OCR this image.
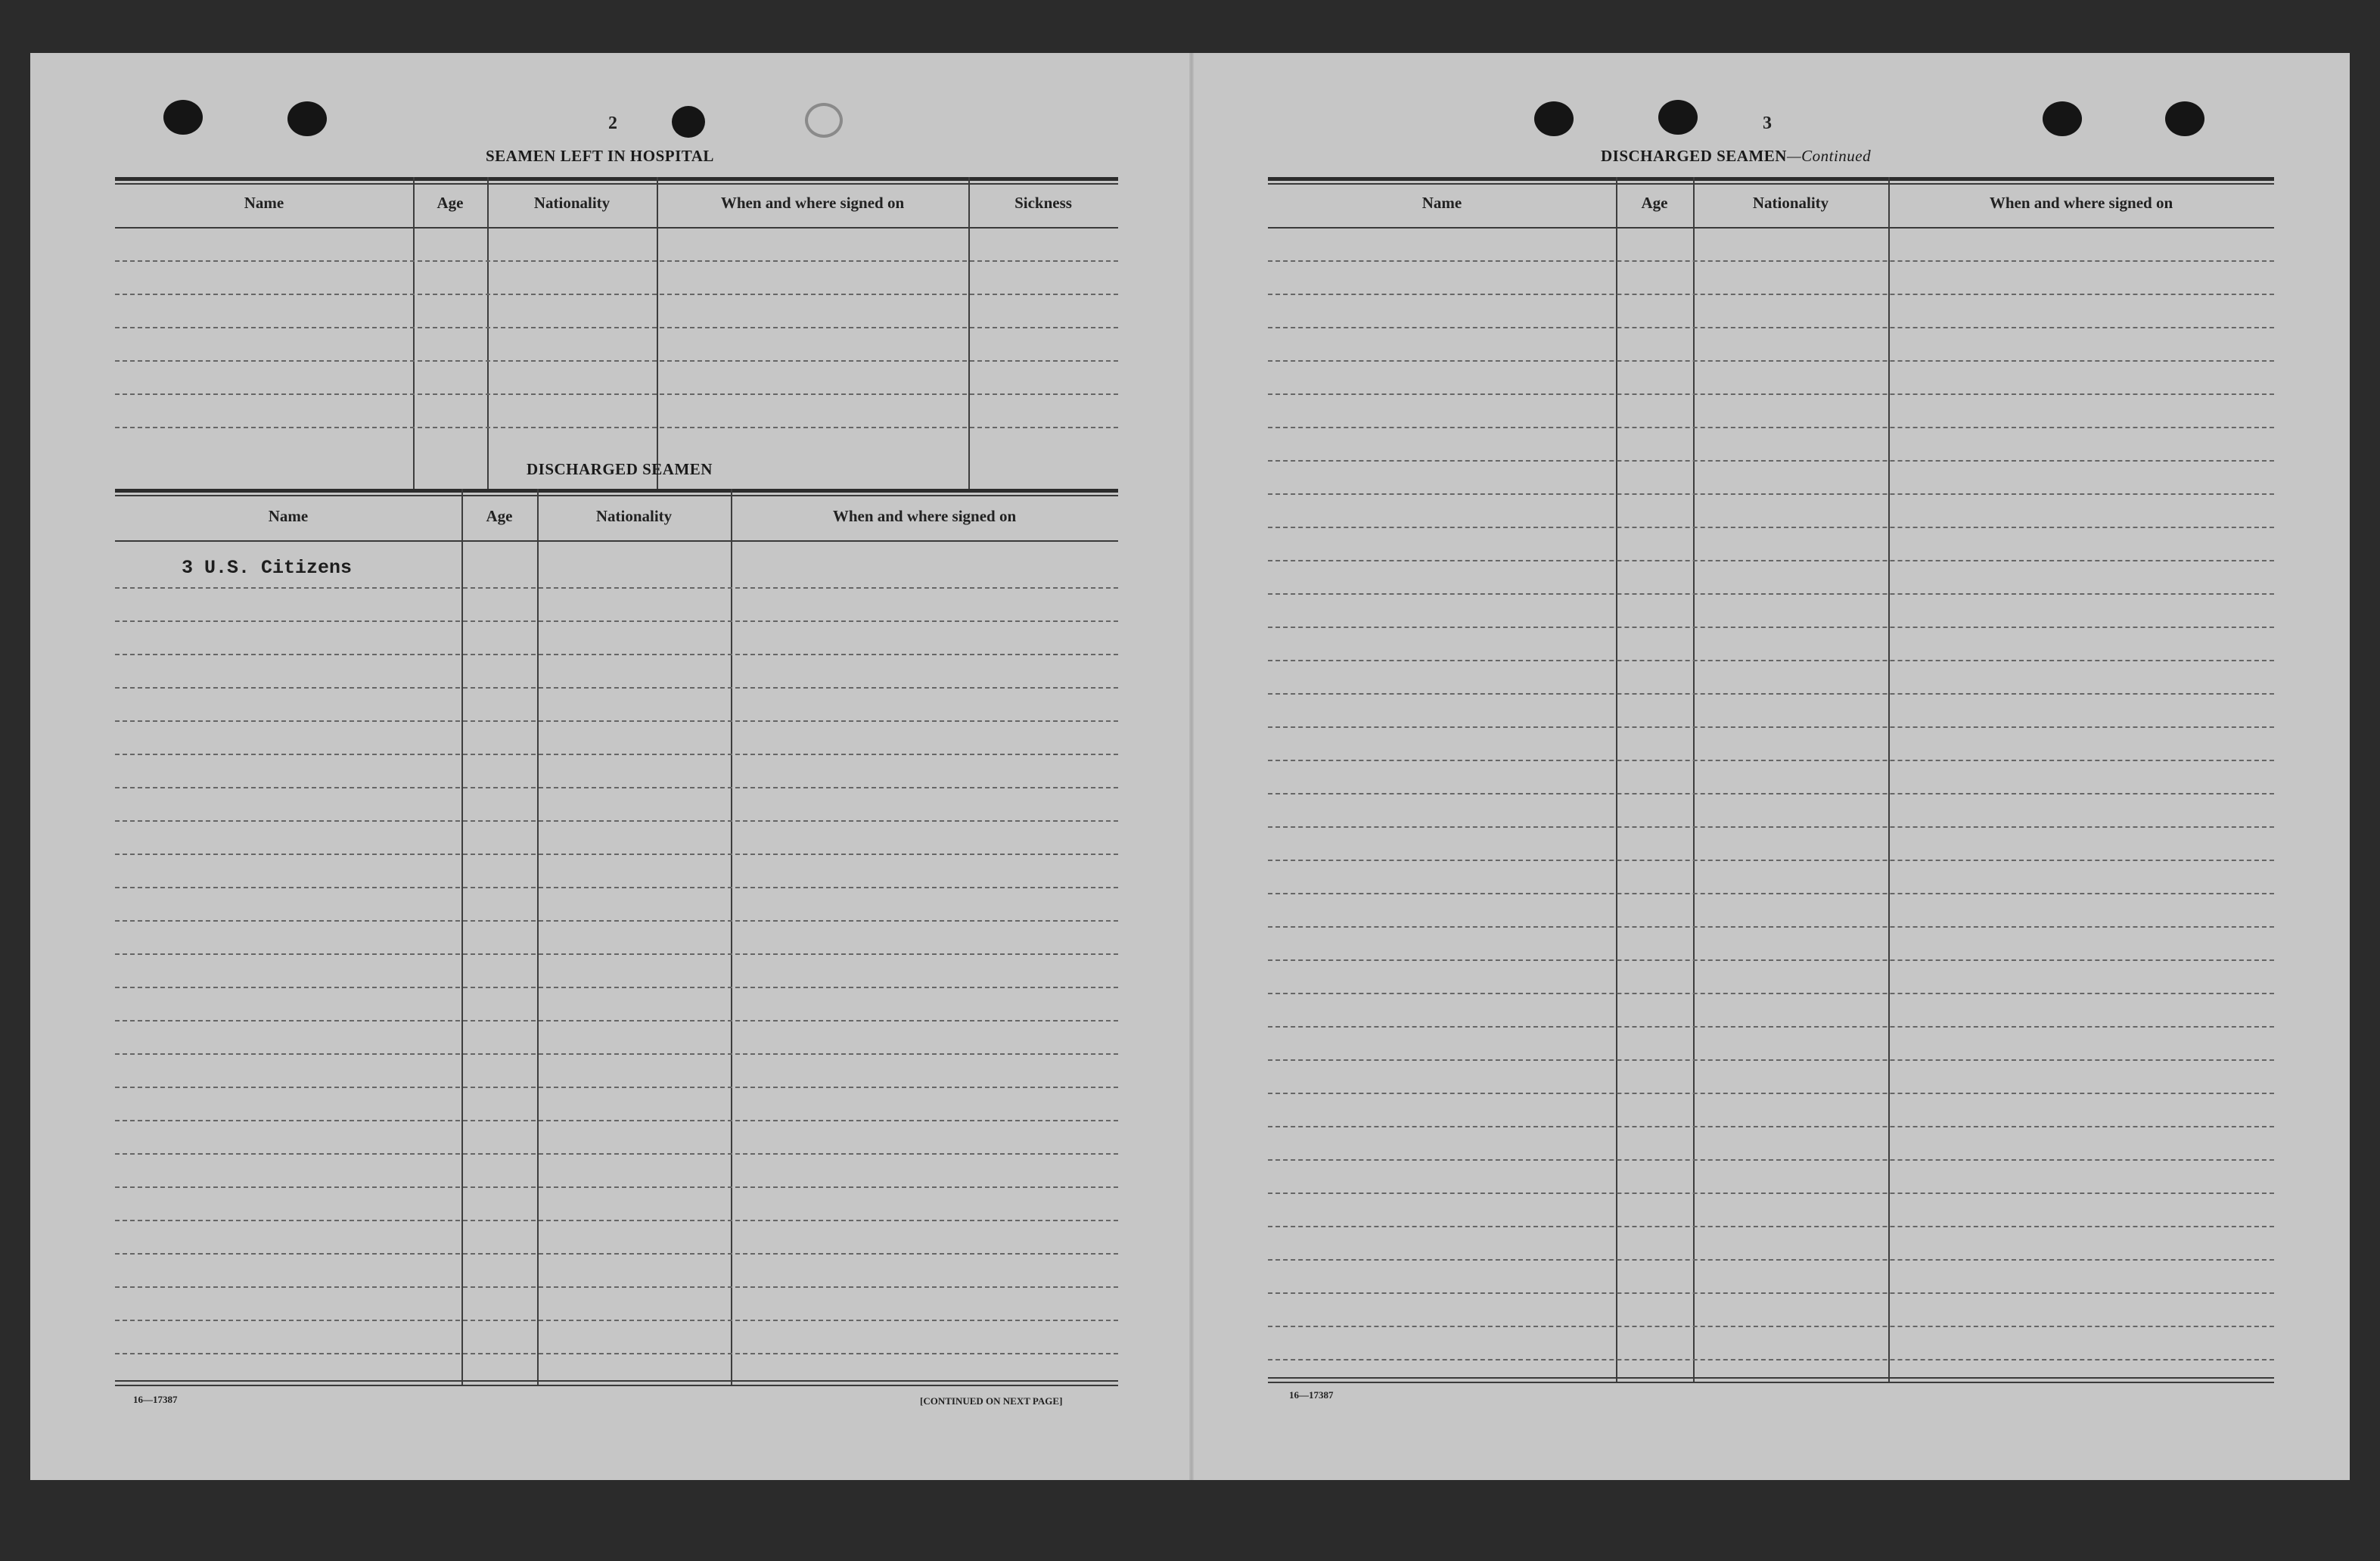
2
SEAMEN LEFT IN HOSPITAL
Name	Age	Nationality	When and where signed on	Sickness
DISCHARGED SEAMEN
Name	Age	Nationality	When and where signed on
3 U.S. Citizens
16—17387	[CONTINUED ON NEXT PAGE]
3
DISCHARGED SEAMEN—Continued
Name	Age	Nationality	When and where signed on
16—17387
